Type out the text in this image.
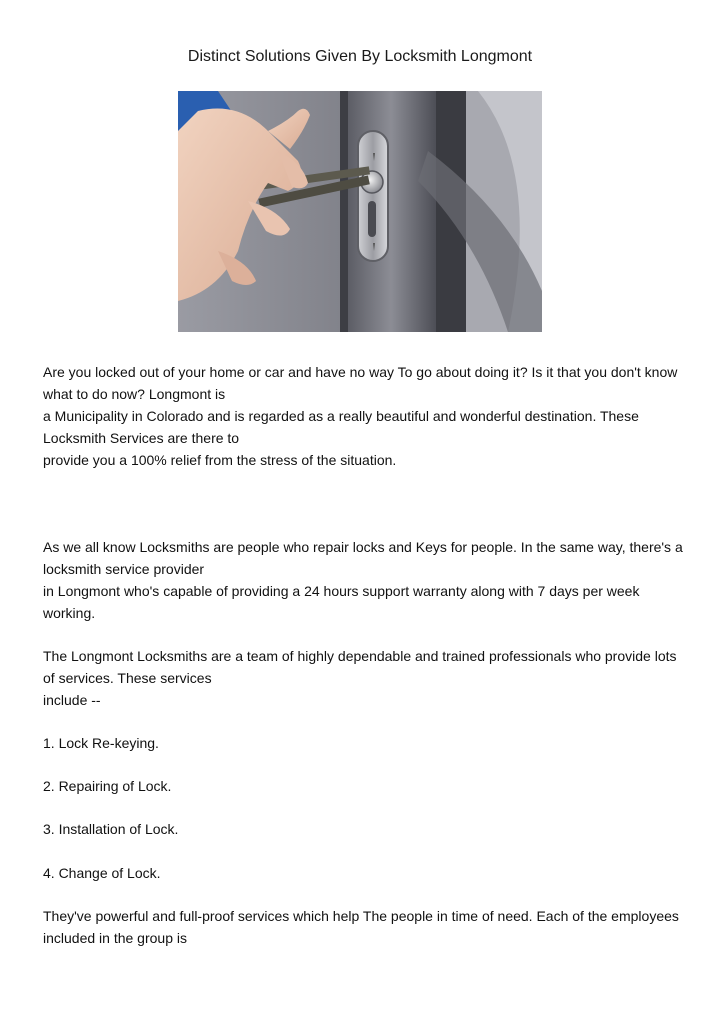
Distinct Solutions Given By Locksmith Longmont

Are you locked out of your home or car and have no way To go about doing it? Is it that you don't know what to do now? Longmont is

a Municipality in Colorado and is regarded as a really beautiful and wonderful destination. These Locksmith Services are there to

provide you a 100% relief from the stress of the situation.

As we all know Locksmiths are people who repair locks and Keys for people. In the same way, there's a locksmith service provider

in Longmont who's capable of providing a 24 hours support warranty along with 7 days per week working.

The Longmont Locksmiths are a team of highly dependable and trained professionals who provide lots of services. These services

include --

1. Lock Re-keying.
2. Repairing of Lock.
3. Installation of Lock.
4. Change of Lock.

They've powerful and full-proof services which help The people in time of need. Each of the employees included in the group is
